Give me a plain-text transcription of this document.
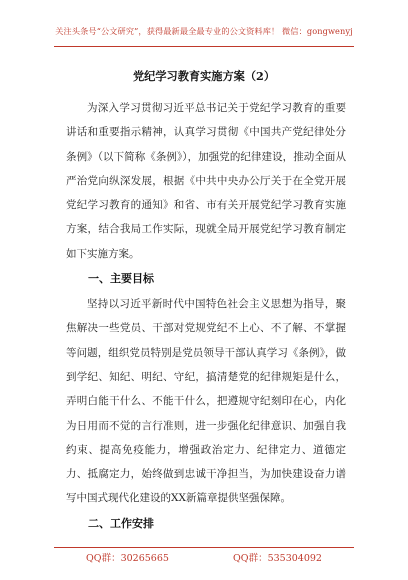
关注头条号“公文研究”，获得最新最全最专业的公文资料库！ 微信：gongwenyj
党纪学习教育实施方案（2）

为深入学习贯彻习近平总书记关于党纪学习教育的重要讲话和重要指示精神，认真学习贯彻《中国共产党纪律处分条例》（以下简称《条例》），加强党的纪律建设，推动全面从严治党向纵深发展，根据《中共中央办公厅关于在全党开展党纪学习教育的通知》和省、市有关开展党纪学习教育实施方案，结合我局工作实际，现就全局开展党纪学习教育制定如下实施方案。

一、主要目标

坚持以习近平新时代中国特色社会主义思想为指导，聚焦解决一些党员、干部对党规党纪不上心、不了解、不掌握等问题，组织党员特别是党员领导干部认真学习《条例》，做到学纪、知纪、明纪、守纪，搞清楚党的纪律规矩是什么，弄明白能干什么、不能干什么，把遵规守纪刻印在心，内化为日用而不觉的言行准则，进一步强化纪律意识、加强自我约束、提高免疫能力，增强政治定力、纪律定力、道德定力、抵腐定力，始终做到忠诚干净担当，为加快建设奋力谱写中国式现代化建设的XX新篇章提供坚强保障。

二、工作安排

QQ群：30265665	QQ群：535304092
